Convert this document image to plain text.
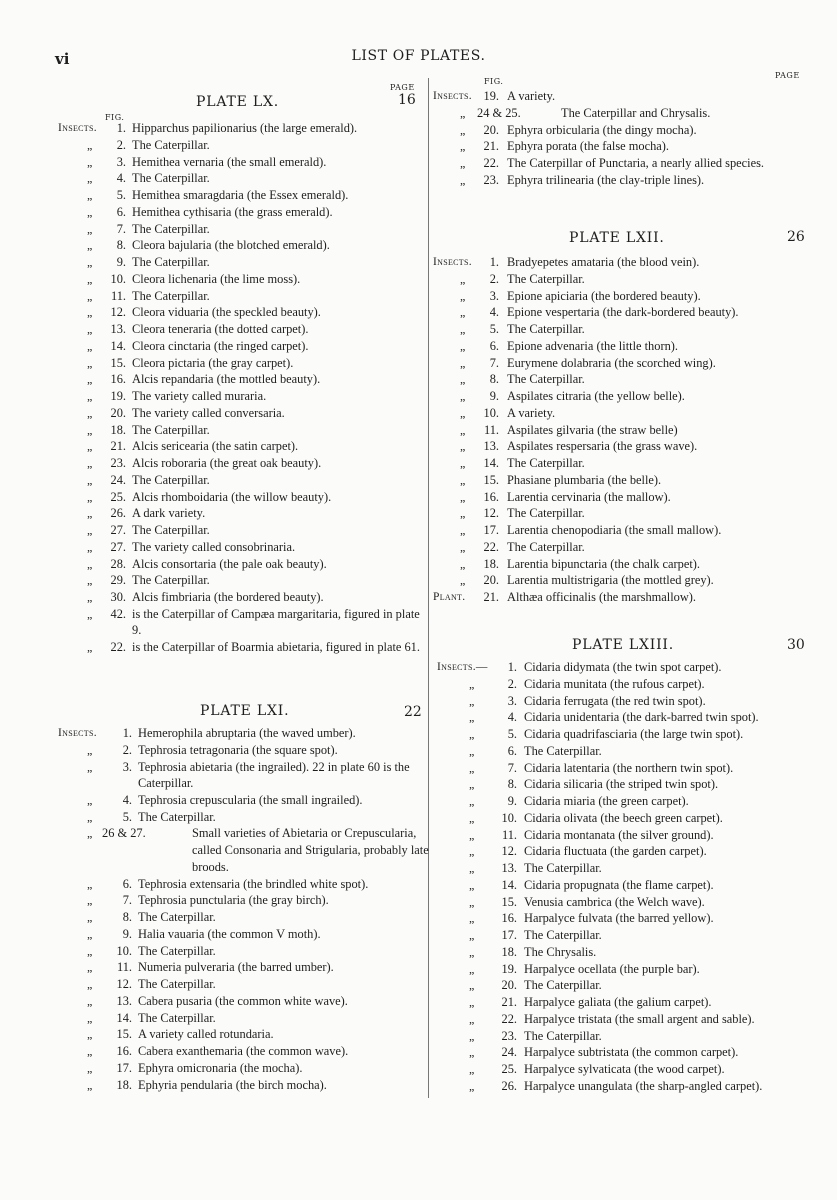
vi	LIST OF PLATES.
PAGE
FIG.
PAGE
FIG.
PLATE LX.	16
Insects.	1. Hipparchus papilionarius (the large emerald).
„	2. The Caterpillar.
„	3. Hemithea vernaria (the small emerald).
„	4. The Caterpillar.
„	5. Hemithea smaragdaria (the Essex emerald).
„	6. Hemithea cythisaria (the grass emerald).
„	7. The Caterpillar.
„	8. Cleora bajularia (the blotched emerald).
„	9. The Caterpillar.
„	10. Cleora lichenaria (the lime moss).
„	11. The Caterpillar.
„	12. Cleora viduaria (the speckled beauty).
„	13. Cleora teneraria (the dotted carpet).
„	14. Cleora cinctaria (the ringed carpet).
„	15. Cleora pictaria (the gray carpet).
„	16. Alcis repandaria (the mottled beauty).
„	19. The variety called muraria.
„	20. The variety called conversaria.
„	18. The Caterpillar.
„	21. Alcis sericearia (the satin carpet).
„	23. Alcis roboraria (the great oak beauty).
„	24. The Caterpillar.
„	25. Alcis rhomboidaria (the willow beauty).
„	26. A dark variety.
„	27. The Caterpillar.
„	27. The variety called consobrinaria.
„	28. Alcis consortaria (the pale oak beauty).
„	29. The Caterpillar.
„	30. Alcis fimbriaria (the bordered beauty).
„	42. is the Caterpillar of Campæa margaritaria, figured in plate 9.
„	22. is the Caterpillar of Boarmia abietaria, figured in plate 61.
PLATE LXI.	22
Insects.	1. Hemerophila abruptaria (the waved umber).
„	2. Tephrosia tetragonaria (the square spot).
„	3. Tephrosia abietaria (the ingrailed). 22 in plate 60 is the Caterpillar.
„	4. Tephrosia crepuscularia (the small ingrailed).
„	5. The Caterpillar.
„ 26 & 27.	Small varieties of Abietaria or Crepuscularia, called Consonaria and Strigularia, probably late broods.
„	6. Tephrosia extensaria (the brindled white spot).
„	7. Tephrosia punctularia (the gray birch).
„	8. The Caterpillar.
„	9. Halia vauaria (the common V moth).
„	10. The Caterpillar.
„	11. Numeria pulveraria (the barred umber).
„	12. The Caterpillar.
„	13. Cabera pusaria (the common white wave).
„	14. The Caterpillar.
„	15. A variety called rotundaria.
„	16. Cabera exanthemaria (the common wave).
„	17. Ephyra omicronaria (the mocha).
„	18. Ephyria pendularia (the birch mocha).
Insects. 19. A variety.
„ 24 & 25.	The Caterpillar and Chrysalis.
„	20. Ephyra orbicularia (the dingy mocha).
„	21. Ephyra porata (the false mocha).
„	22. The Caterpillar of Punctaria, a nearly allied species.
„	23. Ephyra trilinearia (the clay-triple lines).
PLATE LXII.	26
Insects.	1. Bradyepetes amataria (the blood vein).
„	2. The Caterpillar.
„	3. Epione apiciaria (the bordered beauty).
„	4. Epione vespertaria (the dark-bordered beauty).
„	5. The Caterpillar.
„	6. Epione advenaria (the little thorn).
„	7. Eurymene dolabraria (the scorched wing).
„	8. The Caterpillar.
„	9. Aspilates citraria (the yellow belle).
„	10. A variety.
„	11. Aspilates gilvaria (the straw belle)
„	13. Aspilates respersaria (the grass wave).
„	14. The Caterpillar.
„	15. Phasiane plumbaria (the belle).
„	16. Larentia cervinaria (the mallow).
„	12. The Caterpillar.
„	17. Larentia chenopodiaria (the small mallow).
„	22. The Caterpillar.
„	18. Larentia bipunctaria (the chalk carpet).
„	20. Larentia multistrigaria (the mottled grey).
Plant.	21. Althæa officinalis (the marshmallow).
PLATE LXIII.	30
Insects.—	1. Cidaria didymata (the twin spot carpet).
„	2. Cidaria munitata (the rufous carpet).
„	3. Cidaria ferrugata (the red twin spot).
„	4. Cidaria unidentaria (the dark-barred twin spot).
„	5. Cidaria quadrifasciaria (the large twin spot).
„	6. The Caterpillar.
„	7. Cidaria latentaria (the northern twin spot).
„	8. Cidaria silicaria (the striped twin spot).
„	9. Cidaria miaria (the green carpet).
„	10. Cidaria olivata (the beech green carpet).
„	11. Cidaria montanata (the silver ground).
„	12. Cidaria fluctuata (the garden carpet).
„	13. The Caterpillar.
„	14. Cidaria propugnata (the flame carpet).
„	15. Venusia cambrica (the Welch wave).
„	16. Harpalyce fulvata (the barred yellow).
„	17. The Caterpillar.
„	18. The Chrysalis.
„	19. Harpalyce ocellata (the purple bar).
„	20. The Caterpillar.
„	21. Harpalyce galiata (the galium carpet).
„	22. Harpalyce tristata (the small argent and sable).
„	23. The Caterpillar.
„	24. Harpalyce subtristata (the common carpet).
„	25. Harpalyce sylvaticata (the wood carpet).
„	26. Harpalyce unangulata (the sharp-angled carpet).
